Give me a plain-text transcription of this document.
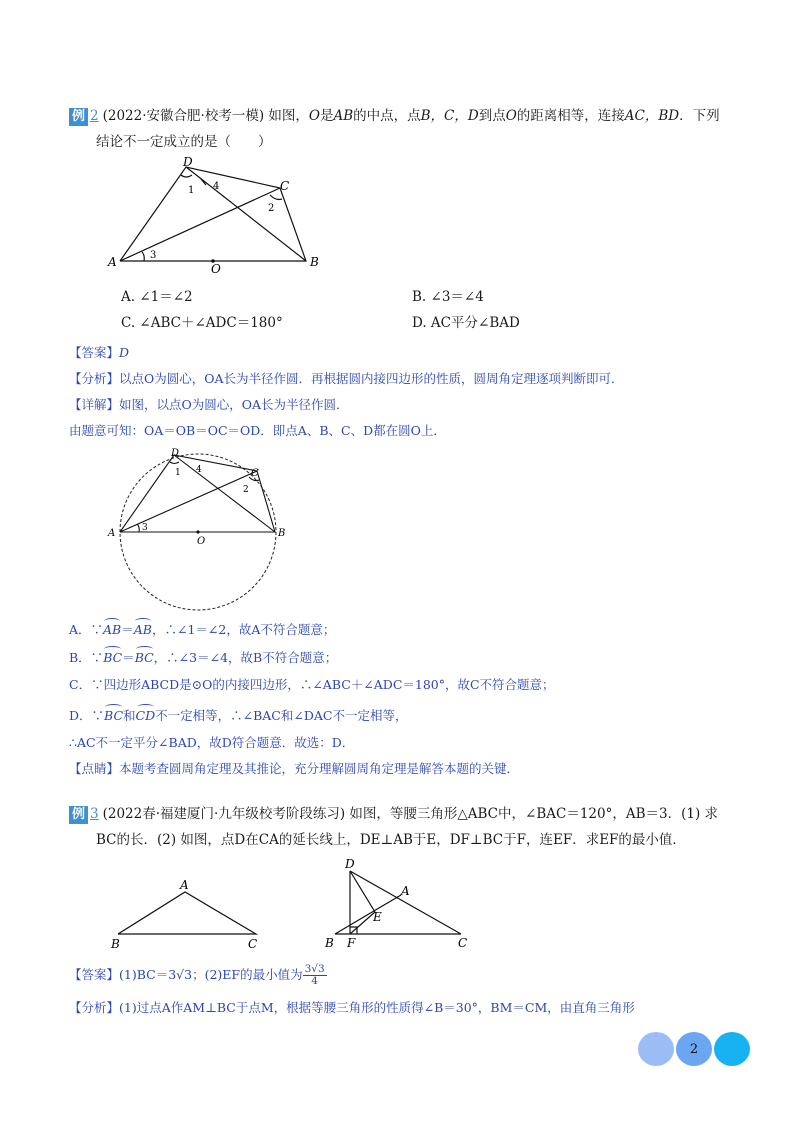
例 2 (2022·安徽合肥·校考一模) 如图，O是AB的中点，点B，C，D到点O的距离相等，连接AC，BD．下列
结论不一定成立的是（　　）
D
C
A	B
O
1
2
3
4
A. ∠1＝∠2	B. ∠3＝∠4
C. ∠ABC＋∠ADC＝180°	D. AC平分∠BAD
【答案】D
【分析】以点O为圆心，OA长为半径作圆．再根据圆内接四边形的性质，圆周角定理逐项判断即可．
【详解】如图，以点O为圆心，OA长为半径作圆．
由题意可知：OA＝OB＝OC＝OD．即点A、B、C、D都在圆O上．
D
C
A	B
O
1
2
3
4
A．∵AB＝AB，∴∠1＝∠2，故A不符合题意；
B．∵BC＝BC，∴∠3＝∠4，故B不符合题意；
C．∵四边形ABCD是⊙O的内接四边形，∴∠ABC＋∠ADC＝180°，故C不符合题意；
D．∵BC和CD不一定相等，∴∠BAC和∠DAC不一定相等，
∴AC不一定平分∠BAD，故D符合题意．故选：D．
【点睛】本题考查圆周角定理及其推论，充分理解圆周角定理是解答本题的关键．
例 3 (2022春·福建厦门·九年级校考阶段练习) 如图，等腰三角形△ABC中，∠BAC＝120°，AB＝3．(1) 求
BC的长．(2) 如图，点D在CA的延长线上，DE⊥AB于E，DF⊥BC于F，连EF．求EF的最小值．
A
B	C
D
A
E
B F	C
【答案】(1)BC＝3√3；(2)EF的最小值为 $\frac{3√3}{4}$
【分析】(1)过点A作AM⊥BC于点M，根据等腰三角形的性质得∠B＝30°，BM＝CM，由直角三角形
2
